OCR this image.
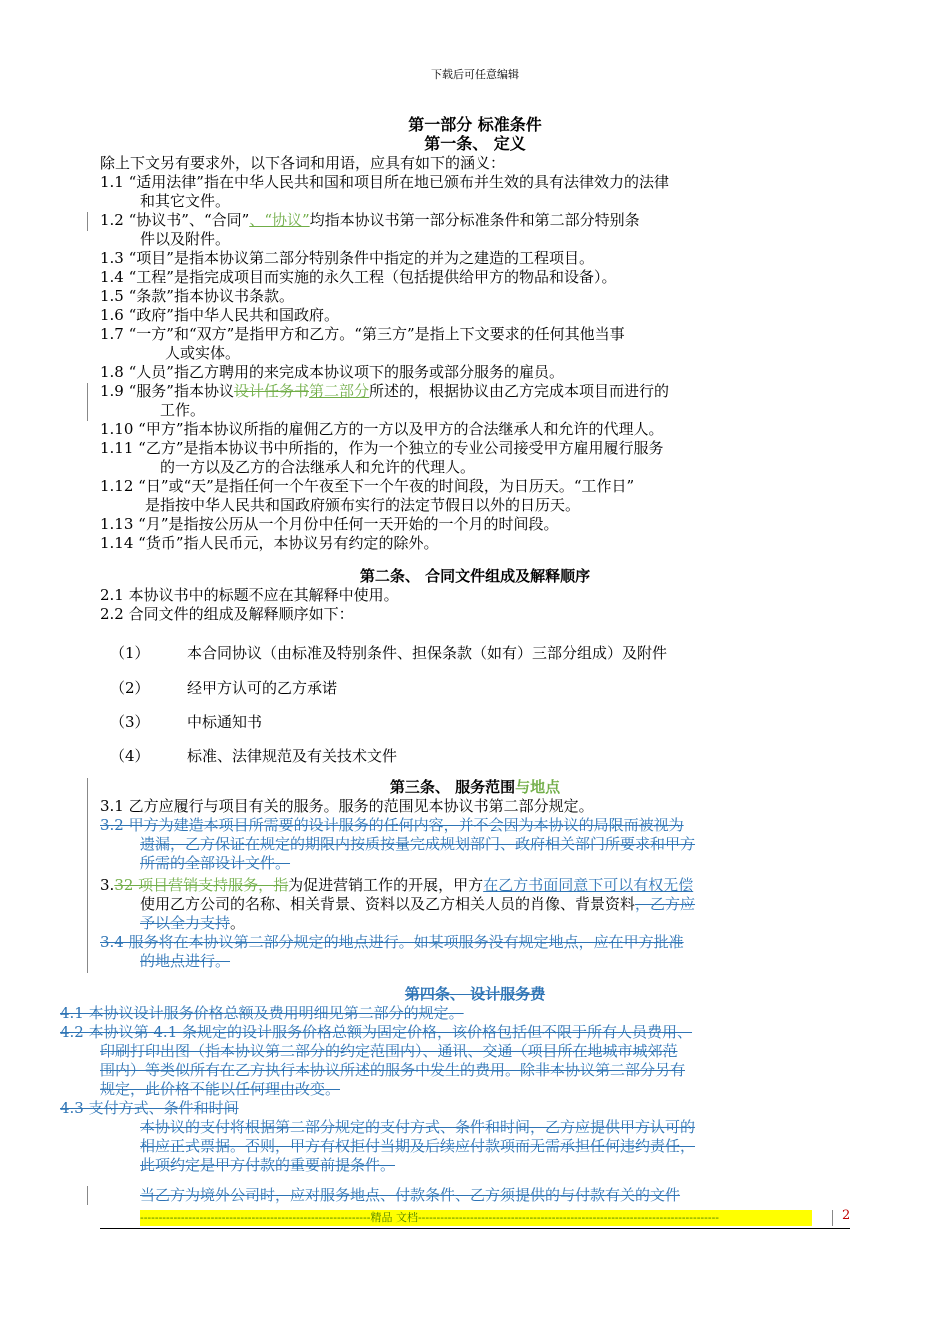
下载后可任意编辑
第一部分 标准条件
第一条、 定义
除上下文另有要求外，以下各词和用语，应具有如下的涵义：
1.1 “适用法律”指在中华人民共和国和项目所在地已颁布并生效的具有法律效力的法律
和其它文件。
1.2 “协议书”、“合同”、“协议”均指本协议书第一部分标准条件和第二部分特别条
件以及附件。
1.3 “项目”是指本协议第二部分特别条件中指定的并为之建造的工程项目。
1.4 “工程”是指完成项目而实施的永久工程（包括提供给甲方的物品和设备）。
1.5 “条款”指本协议书条款。
1.6 “政府”指中华人民共和国政府。
1.7 “一方”和“双方”是指甲方和乙方。“第三方”是指上下文要求的任何其他当事
人或实体。
1.8 “人员”指乙方聘用的来完成本协议项下的服务或部分服务的雇员。
1.9 “服务”指本协议设计任务书第二部分所述的，根据协议由乙方完成本项目而进行的
工作。
1.10 “甲方”指本协议所指的雇佣乙方的一方以及甲方的合法继承人和允许的代理人。
1.11 “乙方”是指本协议书中所指的，作为一个独立的专业公司接受甲方雇用履行服务
的一方以及乙方的合法继承人和允许的代理人。
1.12 “日”或“天”是指任何一个午夜至下一个午夜的时间段，为日历天。“工作日”
是指按中华人民共和国政府颁布实行的法定节假日以外的日历天。
1.13 “月”是指按公历从一个月份中任何一天开始的一个月的时间段。
1.14 “货币”指人民币元，本协议另有约定的除外。
第二条、 合同文件组成及解释顺序
2.1 本协议书中的标题不应在其解释中使用。
2.2 合同文件的组成及解释顺序如下：
（1） 本合同协议（由标准及特别条件、担保条款（如有）三部分组成）及附件
（2） 经甲方认可的乙方承诺
（3） 中标通知书
（4） 标准、法律规范及有关技术文件
第三条、 服务范围与地点
3.1 乙方应履行与项目有关的服务。服务的范围见本协议书第二部分规定。
3.2 甲方为建造本项目所需要的设计服务的任何内容，并不会因为本协议的局限而被视为
遗漏，乙方保证在规定的期限内按质按量完成规划部门、政府相关部门所要求和甲方
所需的全部设计文件。
3.32 项目营销支持服务，指为促进营销工作的开展，甲方在乙方书面同意下可以有权无偿
使用乙方公司的名称、相关背景、资料以及乙方相关人员的肖像、背景资料，乙方应
予以全力支持。
3.4 服务将在本协议第二部分规定的地点进行。如某项服务没有规定地点，应在甲方批准
的地点进行。
第四条、 设计服务费
4.1 本协议设计服务价格总额及费用明细见第二部分的规定。
4.2 本协议第 4.1 条规定的设计服务价格总额为固定价格，该价格包括但不限于所有人员费用、
印刷打印出图（指本协议第二部分的约定范围内）、通讯、交通（项目所在地城市城郊范
围内）等类似所有在乙方执行本协议所述的服务中发生的费用。除非本协议第二部分另有
规定，此价格不能以任何理由改变。
4.3 支付方式、条件和时间
本协议的支付将根据第二部分规定的支付方式、条件和时间，乙方应提供甲方认可的
相应正式票据。否则，甲方有权拒付当期及后续应付款项而无需承担任何违约责任，
此项约定是甲方付款的重要前提条件。
当乙方为境外公司时，应对服务地点、付款条件、乙方须提供的与付款有关的文件
--------------------------------------------------------------精品 文档---------------------------------------------------------------------------------	2
